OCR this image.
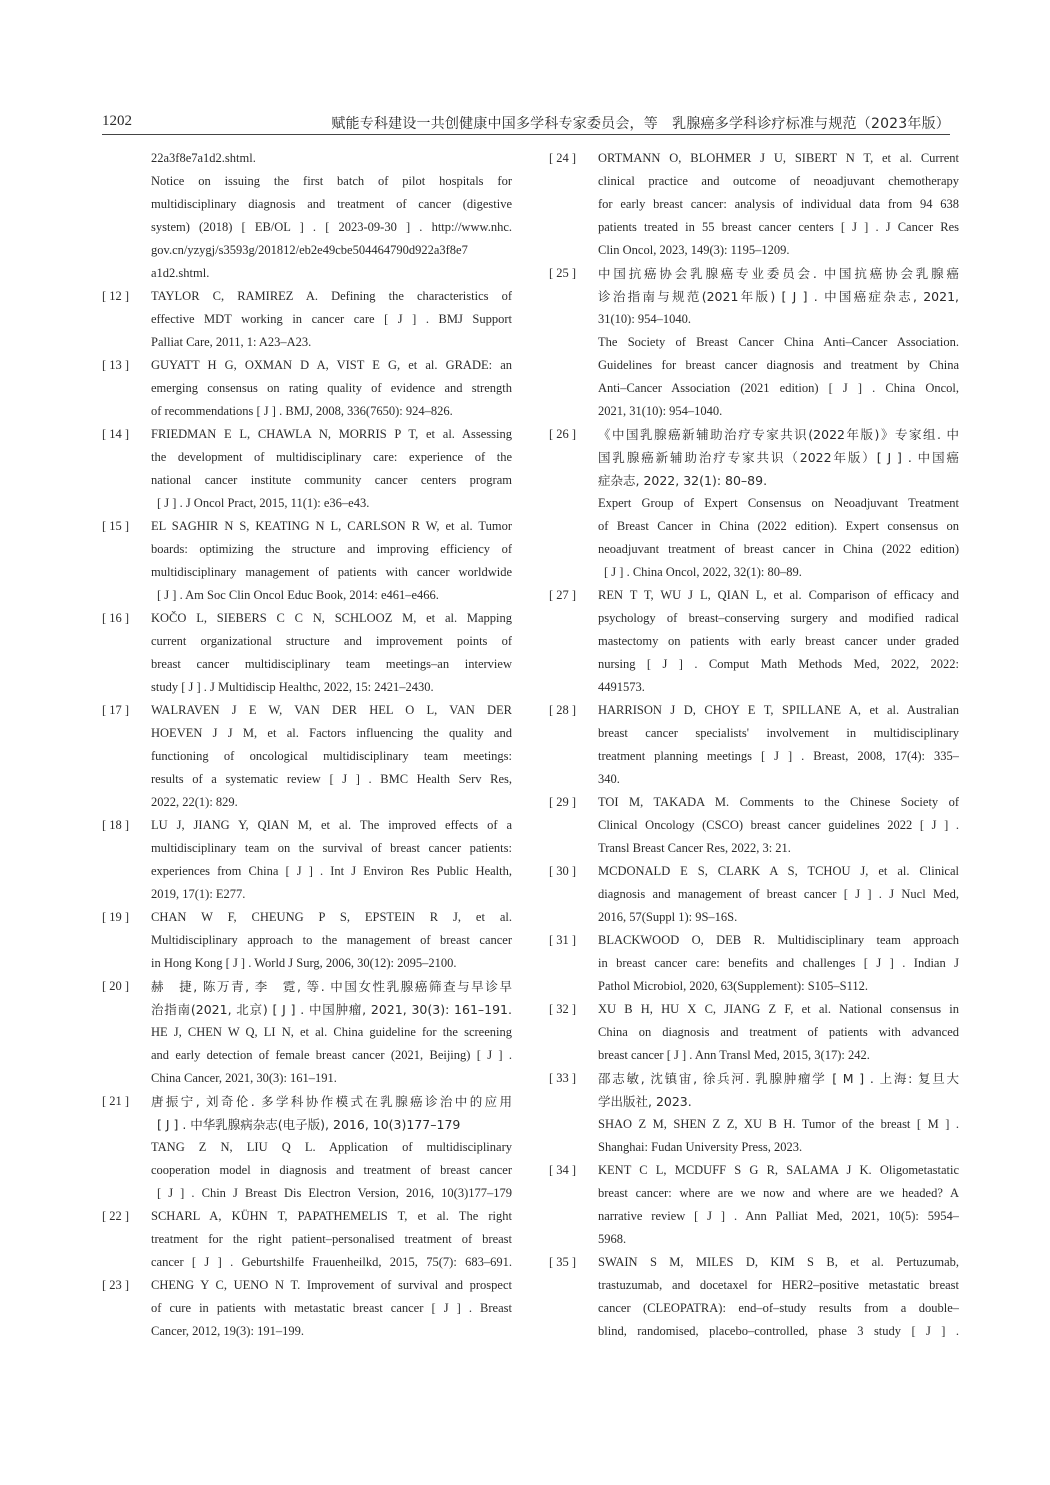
1202	赋能专科建设一共创健康中国多学科专家委员会，等　乳腺癌多学科诊疗标准与规范（2023年版）
22a3f8e7a1d2.shtml.
Notice on issuing the first batch of pilot hospitals for
multidisciplinary diagnosis and treatment of cancer (digestive
system) (2018) [ EB/OL ] . [ 2023-09-30 ] . http://www.nhc.
gov.cn/yzygj/s3593g/201812/eb2e49cbe504464790d922a3f8e7
a1d2.shtml.
[ 12 ] TAYLOR C, RAMIREZ A. Defining the characteristics of
effective MDT working in cancer care [ J ] . BMJ Support
Palliat Care, 2011, 1: A23–A23.
[ 13 ] GUYATT H G, OXMAN D A, VIST E G, et al. GRADE: an
emerging consensus on rating quality of evidence and strength
of recommendations [ J ] . BMJ, 2008, 336(7650): 924–826.
[ 14 ] FRIEDMAN E L, CHAWLA N, MORRIS P T, et al. Assessing
the development of multidisciplinary care: experience of the
national cancer institute community cancer centers program
[ J ] . J Oncol Pract, 2015, 11(1): e36–e43.
[ 15 ] EL SAGHIR N S, KEATING N L, CARLSON R W, et al. Tumor
boards: optimizing the structure and improving efficiency of
multidisciplinary management of patients with cancer worldwide
[ J ] . Am Soc Clin Oncol Educ Book, 2014: e461–e466.
[ 16 ] KOČO L, SIEBERS C C N, SCHLOOZ M, et al. Mapping
current organizational structure and improvement points of
breast cancer multidisciplinary team meetings–an interview
study [ J ] . J Multidiscip Healthc, 2022, 15: 2421–2430.
[ 17 ] WALRAVEN J E W, VAN DER HEL O L, VAN DER
HOEVEN J J M, et al. Factors influencing the quality and
functioning of oncological multidisciplinary team meetings:
results of a systematic review [ J ] . BMC Health Serv Res,
2022, 22(1): 829.
[ 18 ] LU J, JIANG Y, QIAN M, et al. The improved effects of a
multidisciplinary team on the survival of breast cancer patients:
experiences from China [ J ] . Int J Environ Res Public Health,
2019, 17(1): E277.
[ 19 ] CHAN W F, CHEUNG P S, EPSTEIN R J, et al.
Multidisciplinary approach to the management of breast cancer
in Hong Kong [ J ] . World J Surg, 2006, 30(12): 2095–2100.
[ 20 ] 赫　捷, 陈万青, 李　霓, 等. 中国女性乳腺癌筛查与早诊早
治指南(2021, 北京) [ J ] . 中国肿瘤, 2021, 30(3): 161–191.
HE J, CHEN W Q, LI N, et al. China guideline for the screening
and early detection of female breast cancer (2021, Beijing) [ J ] .
China Cancer, 2021, 30(3): 161–191.
[ 21 ] 唐振宁, 刘奇伦. 多学科协作模式在乳腺癌诊治中的应用
[ J ] . 中华乳腺病杂志(电子版), 2016, 10(3)177–179
TANG Z N, LIU Q L. Application of multidisciplinary
cooperation model in diagnosis and treatment of breast cancer
[ J ] . Chin J Breast Dis Electron Version, 2016, 10(3)177–179
[ 22 ] SCHARL A, KÜHN T, PAPATHEMELIS T, et al. The right
treatment for the right patient–personalised treatment of breast
cancer [ J ] . Geburtshilfe Frauenheilkd, 2015, 75(7): 683–691.
[ 23 ] CHENG Y C, UENO N T. Improvement of survival and prospect
of cure in patients with metastatic breast cancer [ J ] . Breast
Cancer, 2012, 19(3): 191–199.
[ 24 ] ORTMANN O, BLOHMER J U, SIBERT N T, et al. Current
clinical practice and outcome of neoadjuvant chemotherapy
for early breast cancer: analysis of individual data from 94 638
patients treated in 55 breast cancer centers [ J ] . J Cancer Res
Clin Oncol, 2023, 149(3): 1195–1209.
[ 25 ] 中国抗癌协会乳腺癌专业委员会. 中国抗癌协会乳腺癌
诊治指南与规范(2021年版) [ J ] . 中国癌症杂志, 2021,
31(10): 954–1040.
The Society of Breast Cancer China Anti–Cancer Association.
Guidelines for breast cancer diagnosis and treatment by China
Anti–Cancer Association (2021 edition) [ J ] . China Oncol,
2021, 31(10): 954–1040.
[ 26 ] 《中国乳腺癌新辅助治疗专家共识(2022年版)》专家组. 中
国乳腺癌新辅助治疗专家共识（2022年版）[ J ] . 中国癌
症杂志, 2022, 32(1): 80–89.
Expert Group of Expert Consensus on Neoadjuvant Treatment
of Breast Cancer in China (2022 edition). Expert consensus on
neoadjuvant treatment of breast cancer in China (2022 edition)
[ J ] . China Oncol, 2022, 32(1): 80–89.
[ 27 ] REN T T, WU J L, QIAN L, et al. Comparison of efficacy and
psychology of breast–conserving surgery and modified radical
mastectomy on patients with early breast cancer under graded
nursing [ J ] . Comput Math Methods Med, 2022, 2022:
4491573.
[ 28 ] HARRISON J D, CHOY E T, SPILLANE A, et al. Australian
breast cancer specialists' involvement in multidisciplinary
treatment planning meetings [ J ] . Breast, 2008, 17(4): 335–
340.
[ 29 ] TOI M, TAKADA M. Comments to the Chinese Society of
Clinical Oncology (CSCO) breast cancer guidelines 2022 [ J ] .
Transl Breast Cancer Res, 2022, 3: 21.
[ 30 ] MCDONALD E S, CLARK A S, TCHOU J, et al. Clinical
diagnosis and management of breast cancer [ J ] . J Nucl Med,
2016, 57(Suppl 1): 9S–16S.
[ 31 ] BLACKWOOD O, DEB R. Multidisciplinary team approach
in breast cancer care: benefits and challenges [ J ] . Indian J
Pathol Microbiol, 2020, 63(Supplement): S105–S112.
[ 32 ] XU B H, HU X C, JIANG Z F, et al. National consensus in
China on diagnosis and treatment of patients with advanced
breast cancer [ J ] . Ann Transl Med, 2015, 3(17): 242.
[ 33 ] 邵志敏, 沈镇宙, 徐兵河. 乳腺肿瘤学 [ M ] . 上海: 复旦大
学出版社, 2023.
SHAO Z M, SHEN Z Z, XU B H. Tumor of the breast [ M ] .
Shanghai: Fudan University Press, 2023.
[ 34 ] KENT C L, MCDUFF S G R, SALAMA J K. Oligometastatic
breast cancer: where are we now and where are we headed? A
narrative review [ J ] . Ann Palliat Med, 2021, 10(5): 5954–
5968.
[ 35 ] SWAIN S M, MILES D, KIM S B, et al. Pertuzumab,
trastuzumab, and docetaxel for HER2–positive metastatic breast
cancer (CLEOPATRA): end–of–study results from a double–
blind, randomised, placebo–controlled, phase 3 study [ J ] .
